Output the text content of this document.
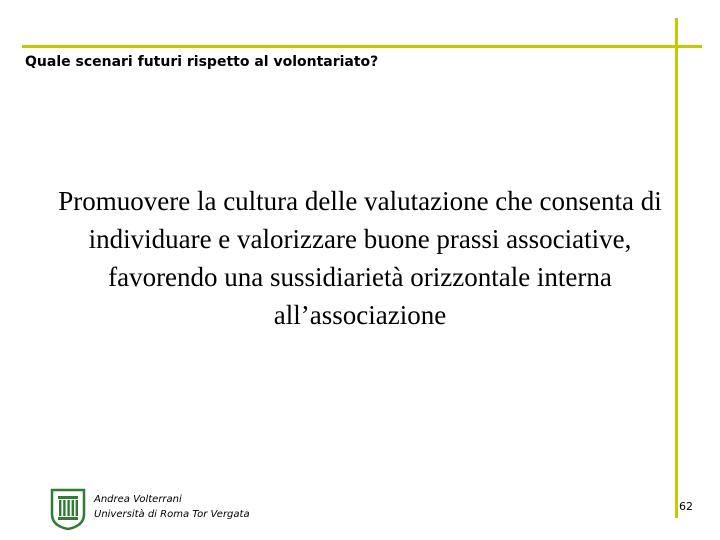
Quale scenari futuri rispetto al volontariato?
Promuovere la cultura delle valutazione che consenta di individuare e valorizzare buone prassi associative, favorendo una sussidiarietà orizzontale interna all’associazione
Andrea Volterrani
Università di Roma Tor Vergata
62
